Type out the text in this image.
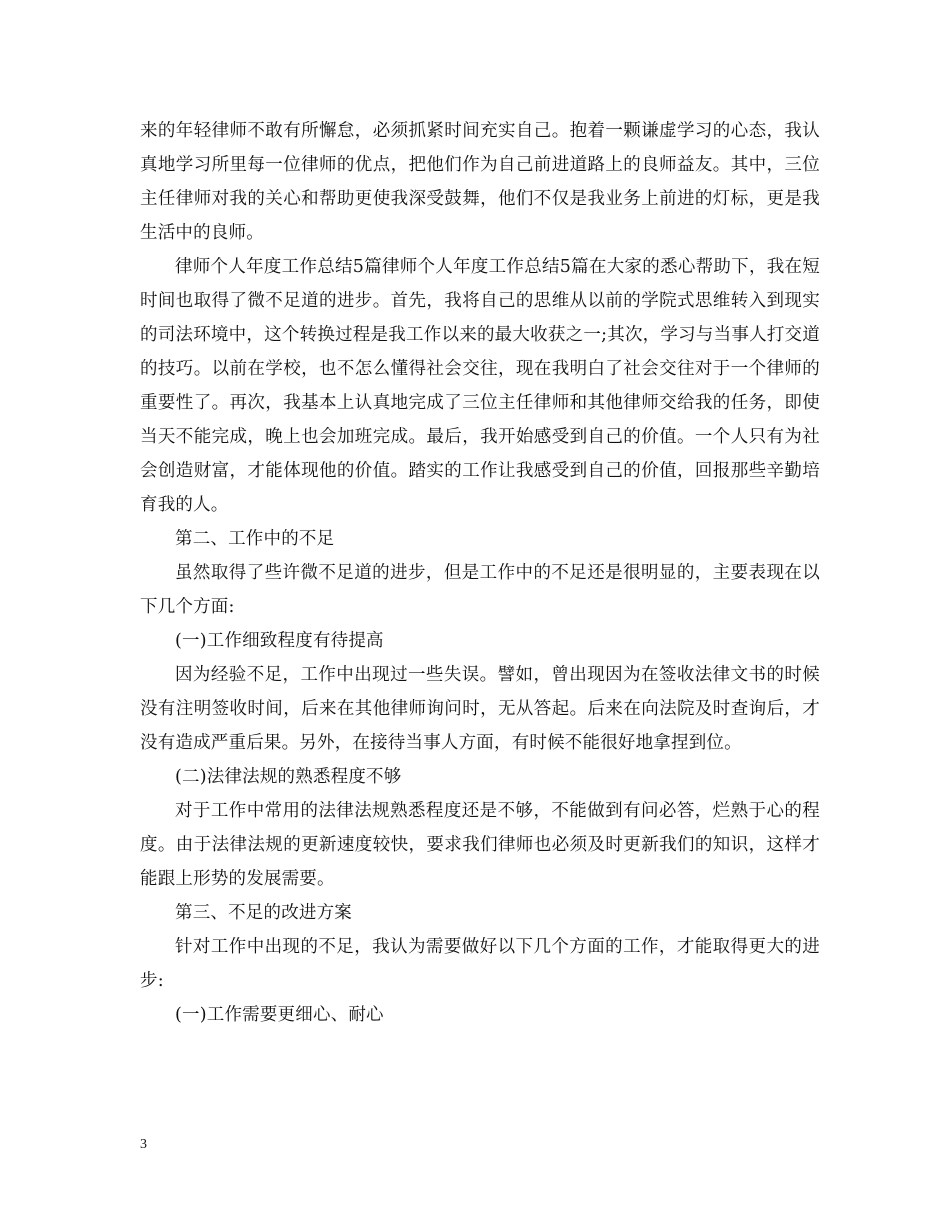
来的年轻律师不敢有所懈怠，必须抓紧时间充实自己。抱着一颗谦虚学习的心态，我认真地学习所里每一位律师的优点，把他们作为自己前进道路上的良师益友。其中，三位主任律师对我的关心和帮助更使我深受鼓舞，他们不仅是我业务上前进的灯标，更是我生活中的良师。

律师个人年度工作总结5篇律师个人年度工作总结5篇在大家的悉心帮助下，我在短时间也取得了微不足道的进步。首先，我将自己的思维从以前的学院式思维转入到现实的司法环境中，这个转换过程是我工作以来的最大收获之一;其次，学习与当事人打交道的技巧。以前在学校，也不怎么懂得社会交往，现在我明白了社会交往对于一个律师的重要性了。再次，我基本上认真地完成了三位主任律师和其他律师交给我的任务，即使当天不能完成，晚上也会加班完成。最后，我开始感受到自己的价值。一个人只有为社会创造财富，才能体现他的价值。踏实的工作让我感受到自己的价值，回报那些辛勤培育我的人。

第二、工作中的不足

虽然取得了些许微不足道的进步，但是工作中的不足还是很明显的，主要表现在以下几个方面:

(一)工作细致程度有待提高

因为经验不足，工作中出现过一些失误。譬如，曾出现因为在签收法律文书的时候没有注明签收时间，后来在其他律师询问时，无从答起。后来在向法院及时查询后，才没有造成严重后果。另外，在接待当事人方面，有时候不能很好地拿捏到位。

(二)法律法规的熟悉程度不够

对于工作中常用的法律法规熟悉程度还是不够，不能做到有问必答，烂熟于心的程度。由于法律法规的更新速度较快，要求我们律师也必须及时更新我们的知识，这样才能跟上形势的发展需要。

第三、不足的改进方案

针对工作中出现的不足，我认为需要做好以下几个方面的工作，才能取得更大的进步:

(一)工作需要更细心、耐心

3
